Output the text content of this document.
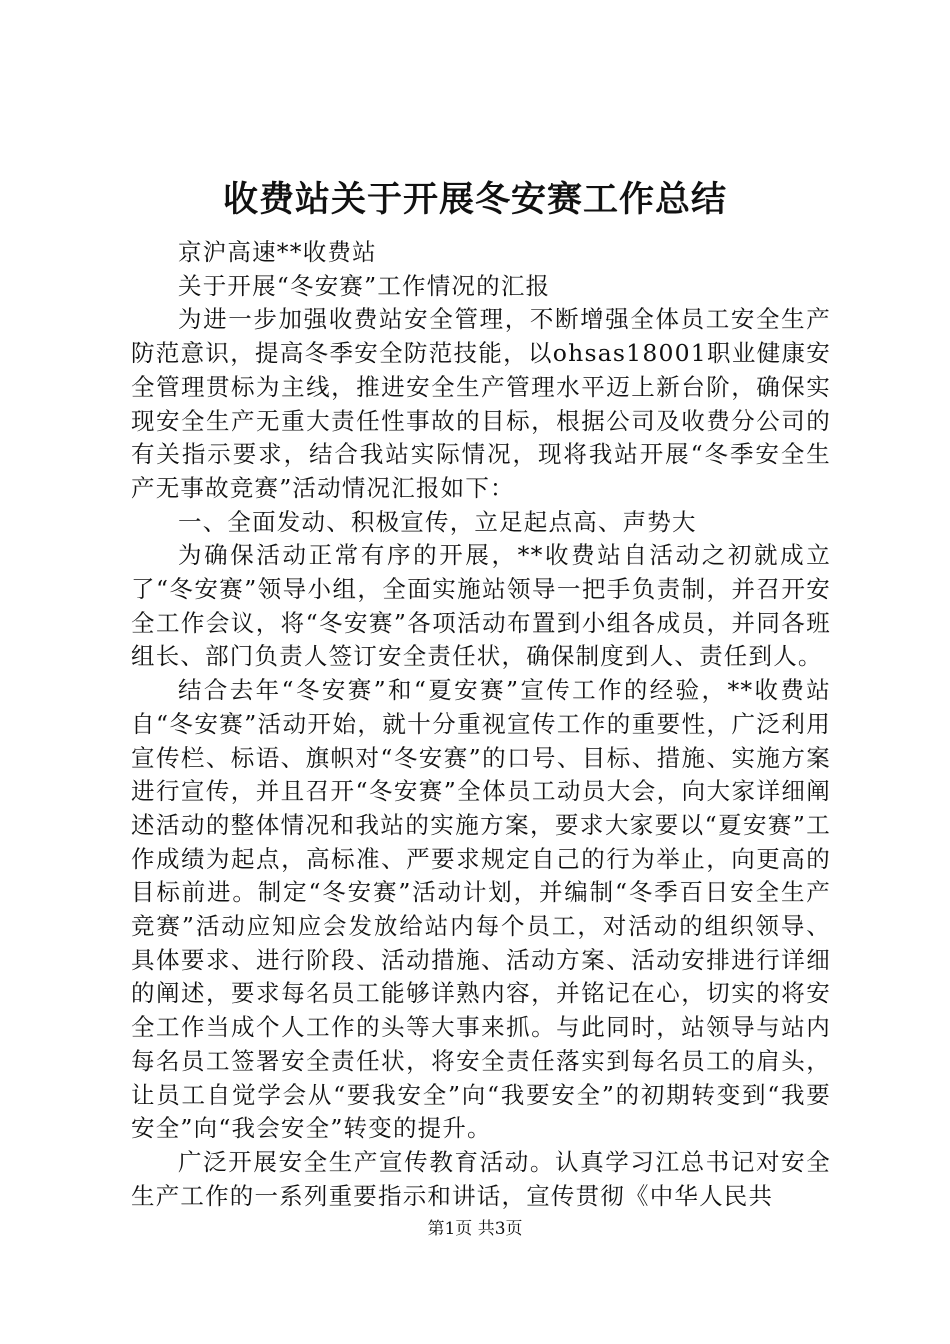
收费站关于开展冬安赛工作总结

京沪高速**收费站

关于开展“冬安赛”工作情况的汇报

为进一步加强收费站安全管理，不断增强全体员工安全生产防范意识，提高冬季安全防范技能，以ohsas18001职业健康安全管理贯标为主线，推进安全生产管理水平迈上新台阶，确保实现安全生产无重大责任性事故的目标，根据公司及收费分公司的有关指示要求，结合我站实际情况，现将我站开展“冬季安全生产无事故竞赛”活动情况汇报如下：

一、全面发动、积极宣传，立足起点高、声势大

为确保活动正常有序的开展，**收费站自活动之初就成立了“冬安赛”领导小组，全面实施站领导一把手负责制，并召开安全工作会议，将“冬安赛”各项活动布置到小组各成员，并同各班组长、部门负责人签订安全责任状，确保制度到人、责任到人。

结合去年“冬安赛”和“夏安赛”宣传工作的经验，**收费站自“冬安赛”活动开始，就十分重视宣传工作的重要性，广泛利用宣传栏、标语、旗帜对“冬安赛”的口号、目标、措施、实施方案进行宣传，并且召开“冬安赛”全体员工动员大会，向大家详细阐述活动的整体情况和我站的实施方案，要求大家要以“夏安赛”工作成绩为起点，高标准、严要求规定自己的行为举止，向更高的目标前进。制定“冬安赛”活动计划，并编制“冬季百日安全生产竞赛”活动应知应会发放给站内每个员工，对活动的组织领导、具体要求、进行阶段、活动措施、活动方案、活动安排进行详细的阐述，要求每名员工能够详熟内容，并铭记在心，切实的将安全工作当成个人工作的头等大事来抓。与此同时，站领导与站内每名员工签署安全责任状，将安全责任落实到每名员工的肩头，让员工自觉学会从“要我安全”向“我要安全”的初期转变到“我要安全”向“我会安全”转变的提升。

广泛开展安全生产宣传教育活动。认真学习江总书记对安全生产工作的一系列重要指示和讲话，宣传贯彻《中华人民共

第1页 共3页
